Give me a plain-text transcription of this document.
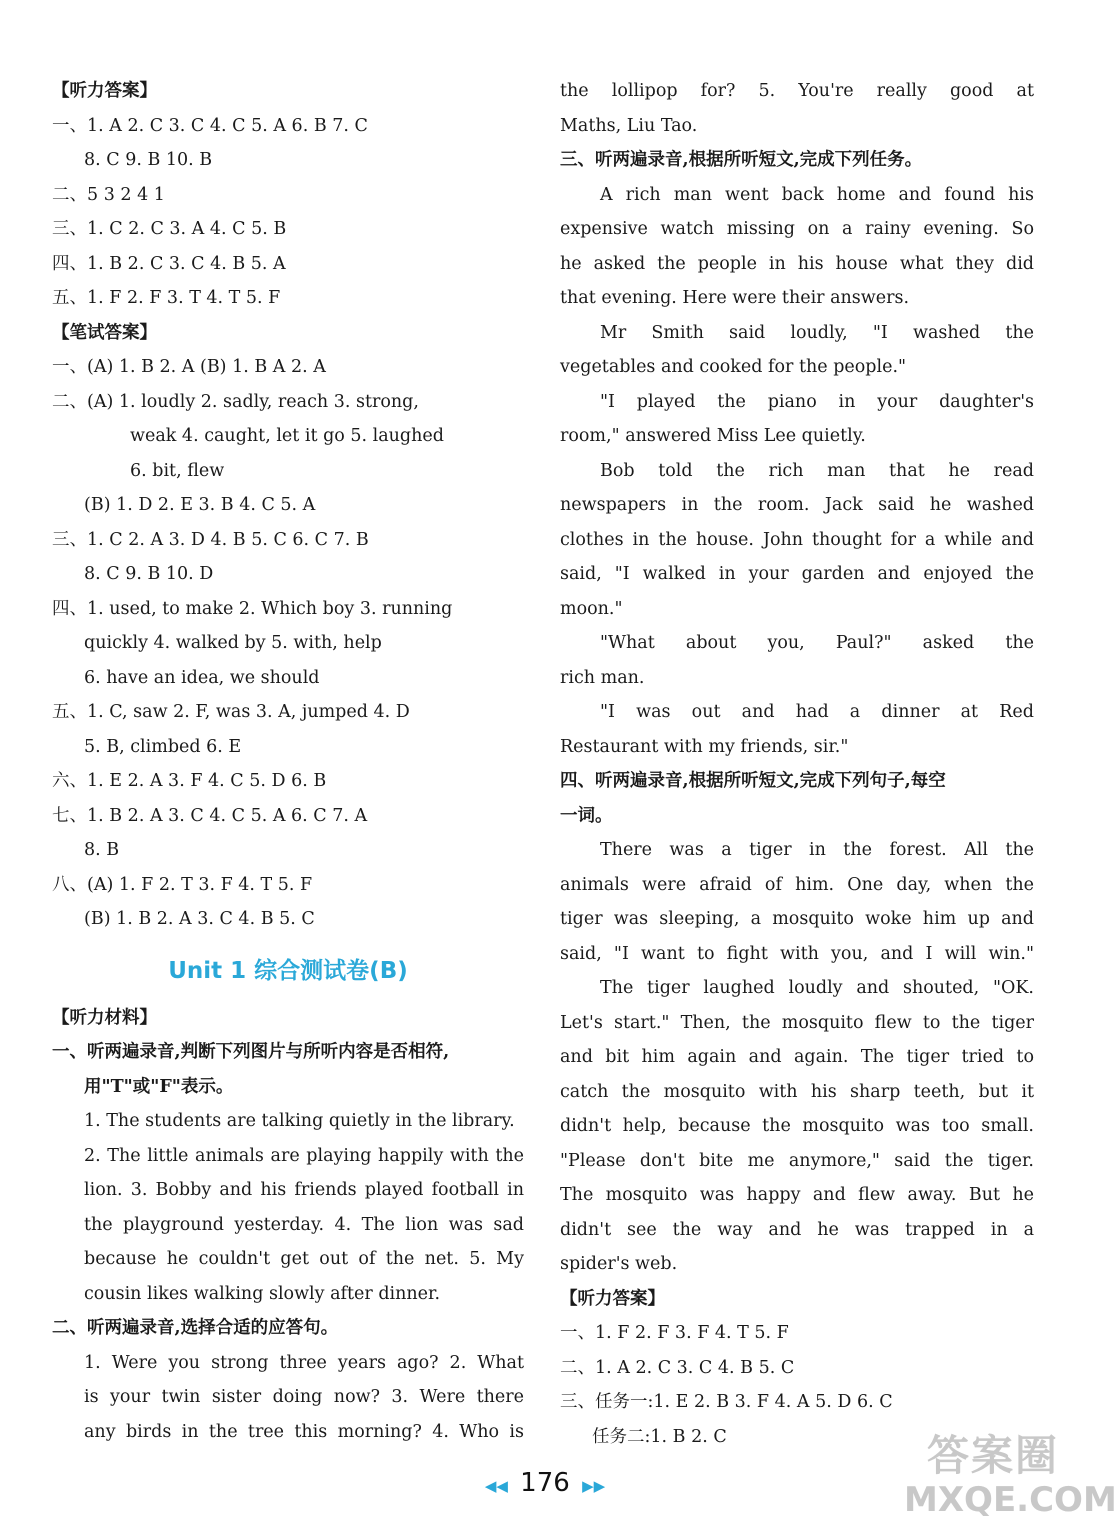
【听力答案】
一、1. A 2. C 3. C 4. C 5. A 6. B 7. C
8. C 9. B 10. B
二、5 3 2 4 1
三、1. C 2. C 3. A 4. C 5. B
四、1. B 2. C 3. C 4. B 5. A
五、1. F 2. F 3. T 4. T 5. F
【笔试答案】
一、(A) 1. B 2. A (B) 1. B A 2. A
二、(A) 1. loudly 2. sadly, reach 3. strong,
weak 4. caught, let it go 5. laughed
6. bit, flew
(B) 1. D 2. E 3. B 4. C 5. A
三、1. C 2. A 3. D 4. B 5. C 6. C 7. B
8. C 9. B 10. D
四、1. used, to make 2. Which boy 3. running
quickly 4. walked by 5. with, help
6. have an idea, we should
五、1. C, saw 2. F, was 3. A, jumped 4. D
5. B, climbed 6. E
六、1. E 2. A 3. F 4. C 5. D 6. B
七、1. B 2. A 3. C 4. C 5. A 6. C 7. A
8. B
八、(A) 1. F 2. T 3. F 4. T 5. F
(B) 1. B 2. A 3. C 4. B 5. C
Unit 1 综合测试卷(B)
【听力材料】
一、听两遍录音,判断下列图片与所听内容是否相符,
用"T"或"F"表示。
1. The students are talking quietly in the library.
2. The little animals are playing happily with the
lion. 3. Bobby and his friends played football in
the playground yesterday. 4. The lion was sad
because he couldn't get out of the net. 5. My
cousin likes walking slowly after dinner.
二、听两遍录音,选择合适的应答句。
1. Were you strong three years ago? 2. What
is your twin sister doing now? 3. Were there
any birds in the tree this morning? 4. Who is
the lollipop for? 5. You're really good at
Maths, Liu Tao.
三、听两遍录音,根据所听短文,完成下列任务。
A rich man went back home and found his
expensive watch missing on a rainy evening. So
he asked the people in his house what they did
that evening. Here were their answers.
Mr Smith said loudly, "I washed the
vegetables and cooked for the people."
"I played the piano in your daughter's
room," answered Miss Lee quietly.
Bob told the rich man that he read
newspapers in the room. Jack said he washed
clothes in the house. John thought for a while and
said, "I walked in your garden and enjoyed the
moon."
"What about you, Paul?" asked the
rich man.
"I was out and had a dinner at Red
Restaurant with my friends, sir."
四、听两遍录音,根据所听短文,完成下列句子,每空
一词。
There was a tiger in the forest. All the
animals were afraid of him. One day, when the
tiger was sleeping, a mosquito woke him up and
said, "I want to fight with you, and I will win."
The tiger laughed loudly and shouted, "OK.
Let's start." Then, the mosquito flew to the tiger
and bit him again and again. The tiger tried to
catch the mosquito with his sharp teeth, but it
didn't help, because the mosquito was too small.
"Please don't bite me anymore," said the tiger.
The mosquito was happy and flew away. But he
didn't see the way and he was trapped in a
spider's web.
【听力答案】
一、1. F 2. F 3. F 4. T 5. F
二、1. A 2. C 3. C 4. B 5. C
三、任务一:1. E 2. B 3. F 4. A 5. D 6. C
任务二:1. B 2. C
◀◀ 176 ▶▶
答案圈
MXQE.COM
